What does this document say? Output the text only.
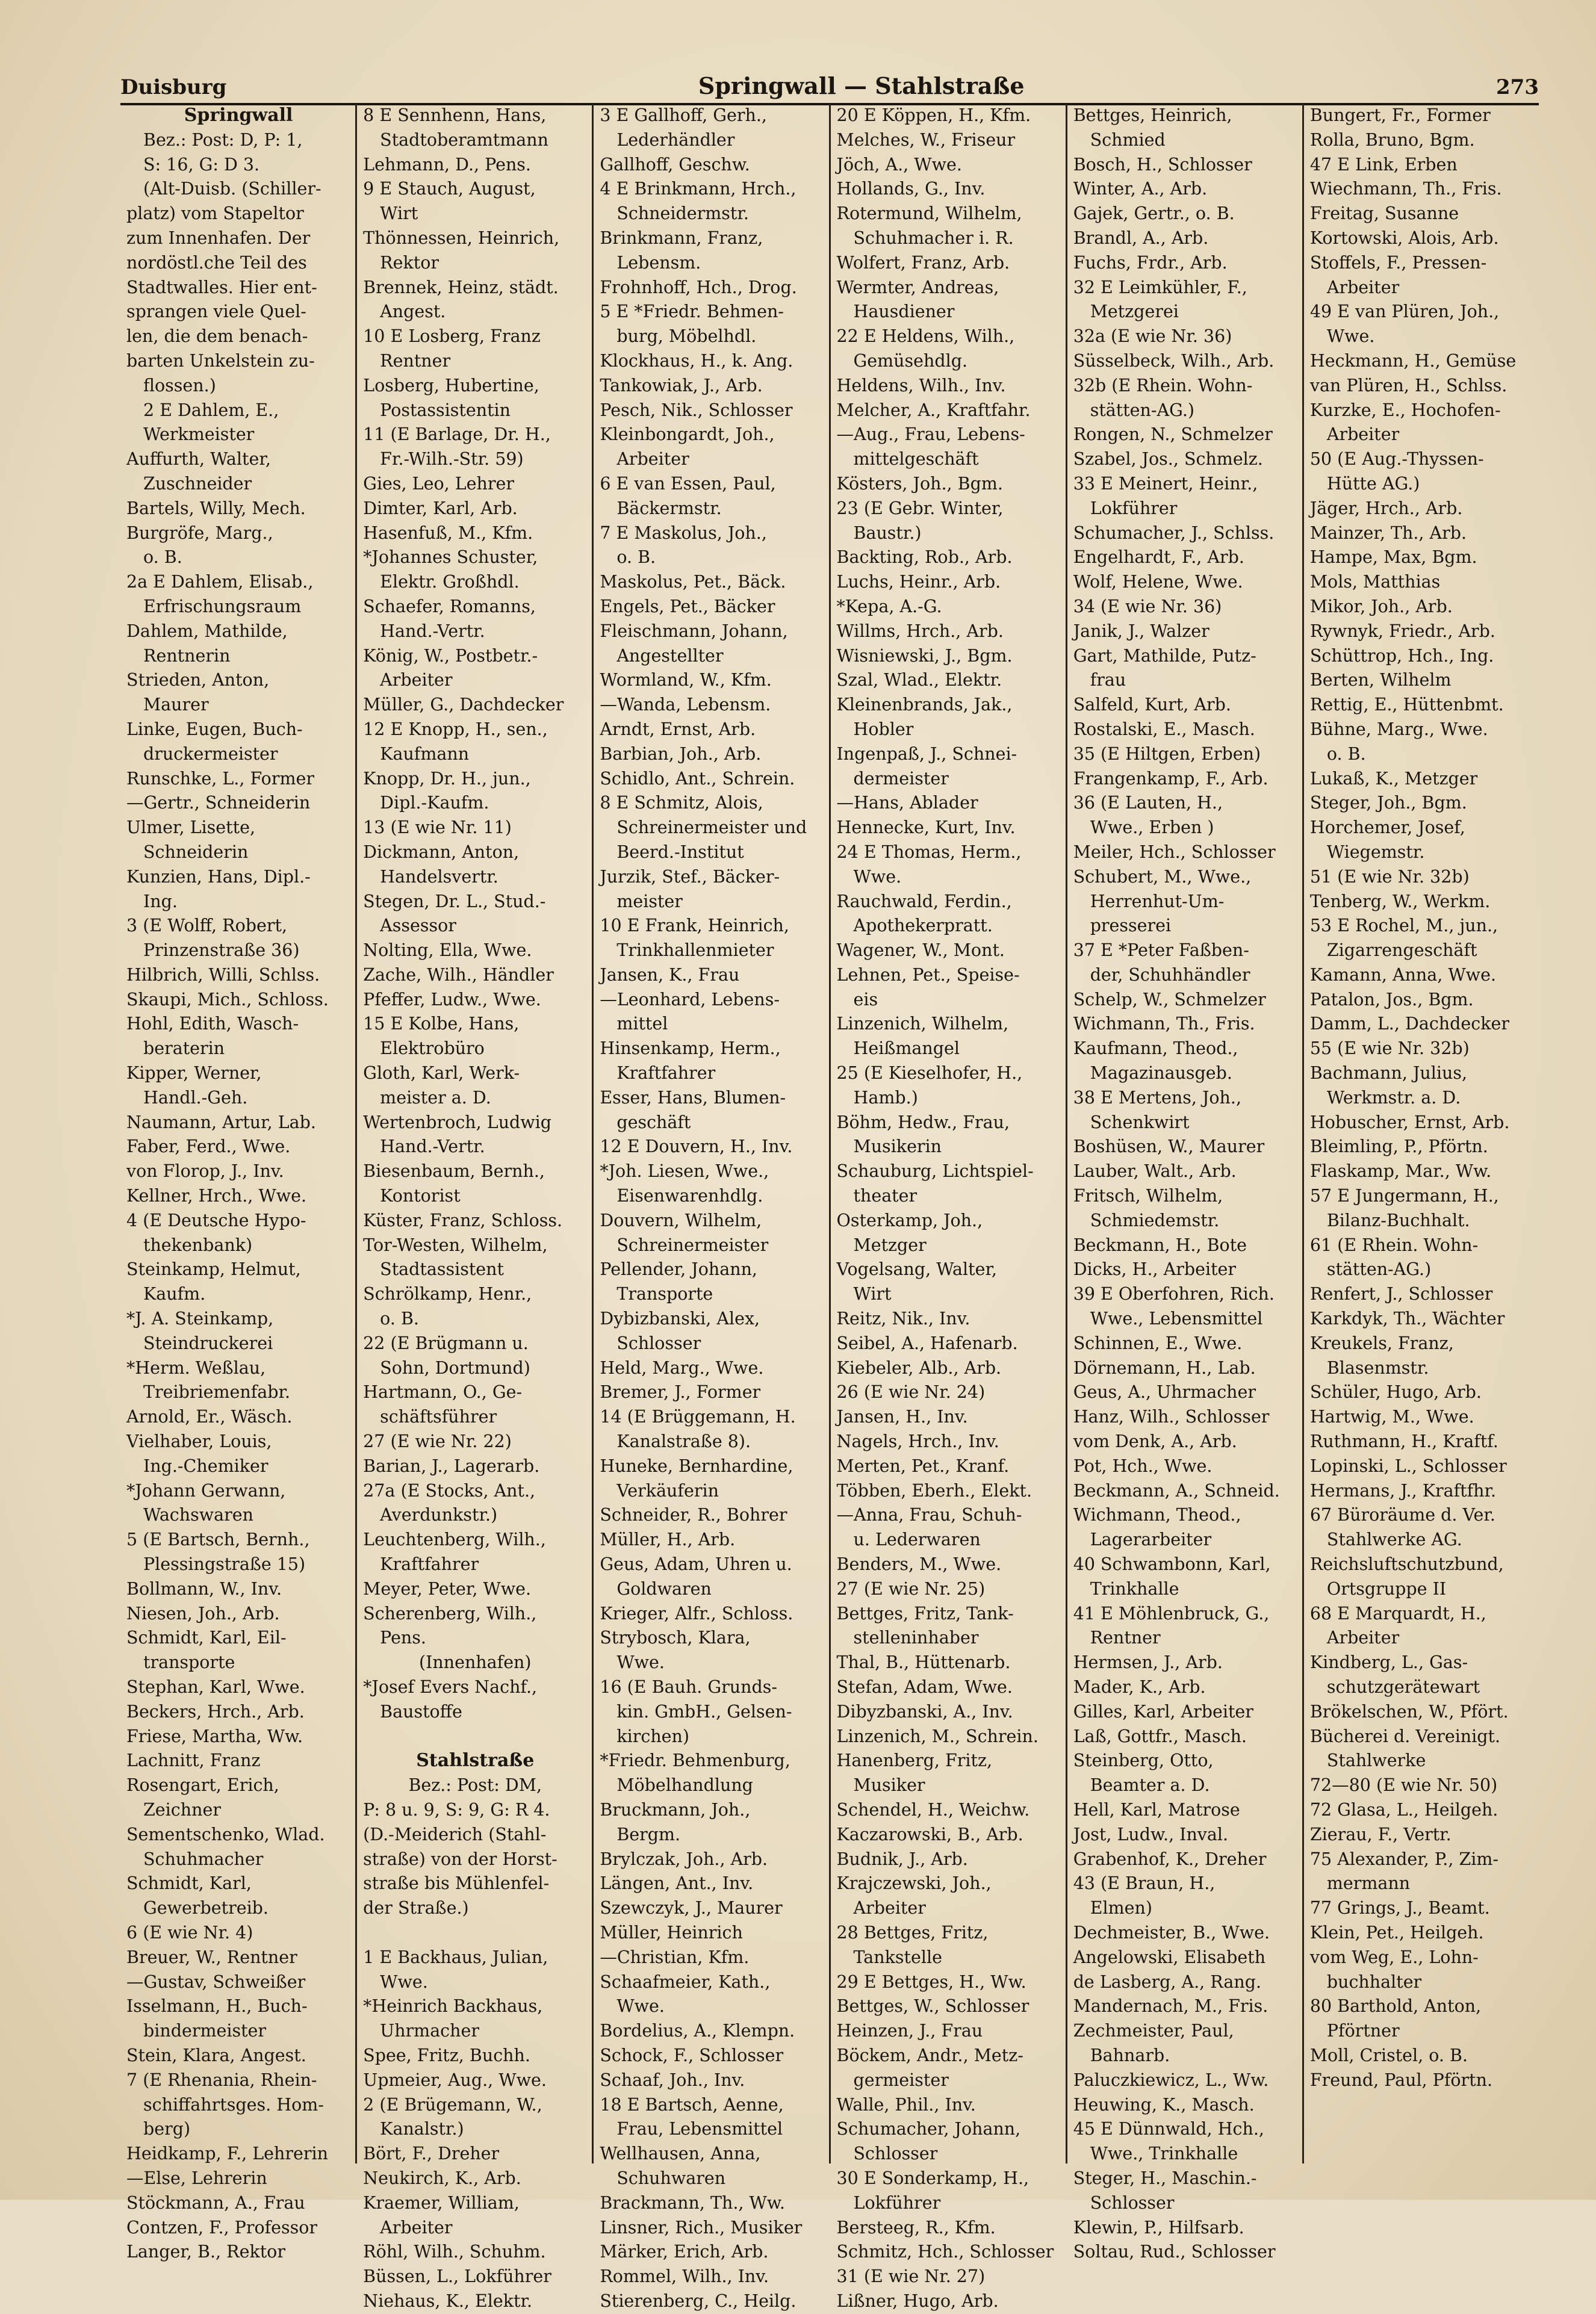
Duisburg	Springwall — Stahlstraße	273
Springwall
Bez.: Post: D, P: 1,
S: 16, G: D 3.
(Alt-Duisb. (Schiller-
platz) vom Stapeltor
zum Innenhafen. Der
nordöstl.che Teil des
Stadtwalles. Hier ent-
sprangen viele Quel-
len, die dem benach-
barten Unkelstein zu-
flossen.)
2 E Dahlem, E.,
Werkmeister
Auffurth, Walter,
Zuschneider
Bartels, Willy, Mech.
Burgröfe, Marg.,
o. B.
2a E Dahlem, Elisab.,
Erfrischungsraum
Dahlem, Mathilde,
Rentnerin
Strieden, Anton,
Maurer
Linke, Eugen, Buch-
druckermeister
Runschke, L., Former
—Gertr., Schneiderin
Ulmer, Lisette,
Schneiderin
Kunzien, Hans, Dipl.-
Ing.
3 (E Wolff, Robert,
Prinzenstraße 36)
Hilbrich, Willi, Schlss.
Skaupi, Mich., Schloss.
Hohl, Edith, Wasch-
beraterin
Kipper, Werner,
Handl.-Geh.
Naumann, Artur, Lab.
Faber, Ferd., Wwe.
von Florop, J., Inv.
Kellner, Hrch., Wwe.
4 (E Deutsche Hypo-
thekenbank)
Steinkamp, Helmut,
Kaufm.
*J. A. Steinkamp,
Steindruckerei
*Herm. Weßlau,
Treibriemenfabr.
Arnold, Er., Wäsch.
Vielhaber, Louis,
Ing.-Chemiker
*Johann Gerwann,
Wachswaren
5 (E Bartsch, Bernh.,
Plessingstraße 15)
Bollmann, W., Inv.
Niesen, Joh., Arb.
Schmidt, Karl, Eil-
transporte
Stephan, Karl, Wwe.
Beckers, Hrch., Arb.
Friese, Martha, Ww.
Lachnitt, Franz
Rosengart, Erich,
Zeichner
Sementschenko, Wlad.
Schuhmacher
Schmidt, Karl,
Gewerbetreib.
6 (E wie Nr. 4)
Breuer, W., Rentner
—Gustav, Schweißer
Isselmann, H., Buch-
bindermeister
Stein, Klara, Angest.
7 (E Rhenania, Rhein-
schiffahrtsges. Hom-
berg)
Heidkamp, F., Lehrerin
—Else, Lehrerin
Stöckmann, A., Frau
Contzen, F., Professor
Langer, B., Rektor
8 E Sennhenn, Hans,
Stadtoberamtmann
Lehmann, D., Pens.
9 E Stauch, August,
Wirt
Thönnessen, Heinrich,
Rektor
Brennek, Heinz, städt.
Angest.
10 E Losberg, Franz
Rentner
Losberg, Hubertine,
Postassistentin
11 (E Barlage, Dr. H.,
Fr.-Wilh.-Str. 59)
Gies, Leo, Lehrer
Dimter, Karl, Arb.
Hasenfuß, M., Kfm.
*Johannes Schuster,
Elektr. Großhdl.
Schaefer, Romanns,
Hand.-Vertr.
König, W., Postbetr.-
Arbeiter
Müller, G., Dachdecker
12 E Knopp, H., sen.,
Kaufmann
Knopp, Dr. H., jun.,
Dipl.-Kaufm.
13 (E wie Nr. 11)
Dickmann, Anton,
Handelsvertr.
Stegen, Dr. L., Stud.-
Assessor
Nolting, Ella, Wwe.
Zache, Wilh., Händler
Pfeffer, Ludw., Wwe.
15 E Kolbe, Hans,
Elektrobüro
Gloth, Karl, Werk-
meister a. D.
Wertenbroch, Ludwig
Hand.-Vertr.
Biesenbaum, Bernh.,
Kontorist
Küster, Franz, Schloss.
Tor-Westen, Wilhelm,
Stadtassistent
Schrölkamp, Henr.,
o. B.
22 (E Brügmann u.
Sohn, Dortmund)
Hartmann, O., Ge-
schäftsführer
27 (E wie Nr. 22)
Barian, J., Lagerarb.
27a (E Stocks, Ant.,
Averdunkstr.)
Leuchtenberg, Wilh.,
Kraftfahrer
Meyer, Peter, Wwe.
Scherenberg, Wilh.,
Pens.
(Innenhafen)
*Josef Evers Nachf.,
Baustoffe

Stahlstraße
Bez.: Post: DM,
P: 8 u. 9, S: 9, G: R 4.
(D.-Meiderich (Stahl-
straße) von der Horst-
straße bis Mühlenfel-
der Straße.)

1 E Backhaus, Julian,
Wwe.
*Heinrich Backhaus,
Uhrmacher
Spee, Fritz, Buchh.
Upmeier, Aug., Wwe.
2 (E Brügemann, W.,
Kanalstr.)
Bört, F., Dreher
Neukirch, K., Arb.
Kraemer, William,
Arbeiter
Röhl, Wilh., Schuhm.
Büssen, L., Lokführer
Niehaus, K., Elektr.
3 E Gallhoff, Gerh.,
Lederhändler
Gallhoff, Geschw.
4 E Brinkmann, Hrch.,
Schneidermstr.
Brinkmann, Franz,
Lebensm.
Frohnhoff, Hch., Drog.
5 E *Friedr. Behmen-
burg, Möbelhdl.
Klockhaus, H., k. Ang.
Tankowiak, J., Arb.
Pesch, Nik., Schlosser
Kleinbongardt, Joh.,
Arbeiter
6 E van Essen, Paul,
Bäckermstr.
7 E Maskolus, Joh.,
o. B.
Maskolus, Pet., Bäck.
Engels, Pet., Bäcker
Fleischmann, Johann,
Angestellter
Wormland, W., Kfm.
—Wanda, Lebensm.
Arndt, Ernst, Arb.
Barbian, Joh., Arb.
Schidlo, Ant., Schrein.
8 E Schmitz, Alois,
Schreinermeister und
Beerd.-Institut
Jurzik, Stef., Bäcker-
meister
10 E Frank, Heinrich,
Trinkhallenmieter
Jansen, K., Frau
—Leonhard, Lebens-
mittel
Hinsenkamp, Herm.,
Kraftfahrer
Esser, Hans, Blumen-
geschäft
12 E Douvern, H., Inv.
*Joh. Liesen, Wwe.,
Eisenwarenhdlg.
Douvern, Wilhelm,
Schreinermeister
Pellender, Johann,
Transporte
Dybizbanski, Alex,
Schlosser
Held, Marg., Wwe.
Bremer, J., Former
14 (E Brüggemann, H.
Kanalstraße 8).
Huneke, Bernhardine,
Verkäuferin
Schneider, R., Bohrer
Müller, H., Arb.
Geus, Adam, Uhren u.
Goldwaren
Krieger, Alfr., Schloss.
Strybosch, Klara,
Wwe.
16 (E Bauh. Grunds-
kin. GmbH., Gelsen-
kirchen)
*Friedr. Behmenburg,
Möbelhandlung
Bruckmann, Joh.,
Bergm.
Brylczak, Joh., Arb.
Längen, Ant., Inv.
Szewczyk, J., Maurer
Müller, Heinrich
—Christian, Kfm.
Schaafmeier, Kath.,
Wwe.
Bordelius, A., Klempn.
Schock, F., Schlosser
Schaaf, Joh., Inv.
18 E Bartsch, Aenne,
Frau, Lebensmittel
Wellhausen, Anna,
Schuhwaren
Brackmann, Th., Ww.
Linsner, Rich., Musiker
Märker, Erich, Arb.
Rommel, Wilh., Inv.
Stierenberg, C., Heilg.
20 E Köppen, H., Kfm.
Melches, W., Friseur
Jöch, A., Wwe.
Hollands, G., Inv.
Rotermund, Wilhelm,
Schuhmacher i. R.
Wolfert, Franz, Arb.
Wermter, Andreas,
Hausdiener
22 E Heldens, Wilh.,
Gemüsehdlg.
Heldens, Wilh., Inv.
Melcher, A., Kraftfahr.
—Aug., Frau, Lebens-
mittelgeschäft
Kösters, Joh., Bgm.
23 (E Gebr. Winter,
Baustr.)
Backting, Rob., Arb.
Luchs, Heinr., Arb.
*Kepa, A.-G.
Willms, Hrch., Arb.
Wisniewski, J., Bgm.
Szal, Wlad., Elektr.
Kleinenbrands, Jak.,
Hobler
Ingenpaß, J., Schnei-
dermeister
—Hans, Ablader
Hennecke, Kurt, Inv.
24 E Thomas, Herm.,
Wwe.
Rauchwald, Ferdin.,
Apothekerpratt.
Wagener, W., Mont.
Lehnen, Pet., Speise-
eis
Linzenich, Wilhelm,
Heißmangel
25 (E Kieselhofer, H.,
Hamb.)
Böhm, Hedw., Frau,
Musikerin
Schauburg, Lichtspiel-
theater
Osterkamp, Joh.,
Metzger
Vogelsang, Walter,
Wirt
Reitz, Nik., Inv.
Seibel, A., Hafenarb.
Kiebeler, Alb., Arb.
26 (E wie Nr. 24)
Jansen, H., Inv.
Nagels, Hrch., Inv.
Merten, Pet., Kranf.
Többen, Eberh., Elekt.
—Anna, Frau, Schuh-
u. Lederwaren
Benders, M., Wwe.
27 (E wie Nr. 25)
Bettges, Fritz, Tank-
stelleninhaber
Thal, B., Hüttenarb.
Stefan, Adam, Wwe.
Dibyzbanski, A., Inv.
Linzenich, M., Schrein.
Hanenberg, Fritz,
Musiker
Schendel, H., Weichw.
Kaczarowski, B., Arb.
Budnik, J., Arb.
Krajczewski, Joh.,
Arbeiter
28 Bettges, Fritz,
Tankstelle
29 E Bettges, H., Ww.
Bettges, W., Schlosser
Heinzen, J., Frau
Böckem, Andr., Metz-
germeister
Walle, Phil., Inv.
Schumacher, Johann,
Schlosser
30 E Sonderkamp, H.,
Lokführer
Bersteeg, R., Kfm.
Schmitz, Hch., Schlosser
31 (E wie Nr. 27)
Lißner, Hugo, Arb.
Bettges, Heinrich,
Schmied
Bosch, H., Schlosser
Winter, A., Arb.
Gajek, Gertr., o. B.
Brandl, A., Arb.
Fuchs, Frdr., Arb.
32 E Leimkühler, F.,
Metzgerei
32a (E wie Nr. 36)
Süsselbeck, Wilh., Arb.
32b (E Rhein. Wohn-
stätten-AG.)
Rongen, N., Schmelzer
Szabel, Jos., Schmelz.
33 E Meinert, Heinr.,
Lokführer
Schumacher, J., Schlss.
Engelhardt, F., Arb.
Wolf, Helene, Wwe.
34 (E wie Nr. 36)
Janik, J., Walzer
Gart, Mathilde, Putz-
frau
Salfeld, Kurt, Arb.
Rostalski, E., Masch.
35 (E Hiltgen, Erben)
Frangenkamp, F., Arb.
36 (E Lauten, H.,
Wwe., Erben )
Meiler, Hch., Schlosser
Schubert, M., Wwe.,
Herrenhut-Um-
presserei
37 E *Peter Faßben-
der, Schuhhändler
Schelp, W., Schmelzer
Wichmann, Th., Fris.
Kaufmann, Theod.,
Magazinausgeb.
38 E Mertens, Joh.,
Schenkwirt
Boshüsen, W., Maurer
Lauber, Walt., Arb.
Fritsch, Wilhelm,
Schmiedemstr.
Beckmann, H., Bote
Dicks, H., Arbeiter
39 E Oberfohren, Rich.
Wwe., Lebensmittel
Schinnen, E., Wwe.
Dörnemann, H., Lab.
Geus, A., Uhrmacher
Hanz, Wilh., Schlosser
vom Denk, A., Arb.
Pot, Hch., Wwe.
Beckmann, A., Schneid.
Wichmann, Theod.,
Lagerarbeiter
40 Schwambonn, Karl,
Trinkhalle
41 E Möhlenbruck, G.,
Rentner
Hermsen, J., Arb.
Mader, K., Arb.
Gilles, Karl, Arbeiter
Laß, Gottfr., Masch.
Steinberg, Otto,
Beamter a. D.
Hell, Karl, Matrose
Jost, Ludw., Inval.
Grabenhof, K., Dreher
43 (E Braun, H.,
Elmen)
Dechmeister, B., Wwe.
Angelowski, Elisabeth
de Lasberg, A., Rang.
Mandernach, M., Fris.
Zechmeister, Paul,
Bahnarb.
Paluczkiewicz, L., Ww.
Heuwing, K., Masch.
45 E Dünnwald, Hch.,
Wwe., Trinkhalle
Steger, H., Maschin.-
Schlosser
Klewin, P., Hilfsarb.
Soltau, Rud., Schlosser
Bungert, Fr., Former
Rolla, Bruno, Bgm.
47 E Link, Erben
Wiechmann, Th., Fris.
Freitag, Susanne
Kortowski, Alois, Arb.
Stoffels, F., Pressen-
Arbeiter
49 E van Plüren, Joh.,
Wwe.
Heckmann, H., Gemüse
van Plüren, H., Schlss.
Kurzke, E., Hochofen-
Arbeiter
50 (E Aug.-Thyssen-
Hütte AG.)
Jäger, Hrch., Arb.
Mainzer, Th., Arb.
Hampe, Max, Bgm.
Mols, Matthias
Mikor, Joh., Arb.
Rywnyk, Friedr., Arb.
Schüttrop, Hch., Ing.
Berten, Wilhelm
Rettig, E., Hüttenbmt.
Bühne, Marg., Wwe.
o. B.
Lukaß, K., Metzger
Steger, Joh., Bgm.
Horchemer, Josef,
Wiegemstr.
51 (E wie Nr. 32b)
Tenberg, W., Werkm.
53 E Rochel, M., jun.,
Zigarrengeschäft
Kamann, Anna, Wwe.
Patalon, Jos., Bgm.
Damm, L., Dachdecker
55 (E wie Nr. 32b)
Bachmann, Julius,
Werkmstr. a. D.
Hobuscher, Ernst, Arb.
Bleimling, P., Pförtn.
Flaskamp, Mar., Ww.
57 E Jungermann, H.,
Bilanz-Buchhalt.
61 (E Rhein. Wohn-
stätten-AG.)
Renfert, J., Schlosser
Karkdyk, Th., Wächter
Kreukels, Franz,
Blasenmstr.
Schüler, Hugo, Arb.
Hartwig, M., Wwe.
Ruthmann, H., Kraftf.
Lopinski, L., Schlosser
Hermans, J., Kraftfhr.
67 Büroräume d. Ver.
Stahlwerke AG.
Reichsluftschutzbund,
Ortsgruppe II
68 E Marquardt, H.,
Arbeiter
Kindberg, L., Gas-
schutzgerätewart
Brökelschen, W., Pfört.
Bücherei d. Vereinigt.
Stahlwerke
72—80 (E wie Nr. 50)
72 Glasa, L., Heilgeh.
Zierau, F., Vertr.
75 Alexander, P., Zim-
mermann
77 Grings, J., Beamt.
Klein, Pet., Heilgeh.
vom Weg, E., Lohn-
buchhalter
80 Barthold, Anton,
Pförtner
Moll, Cristel, o. B.
Freund, Paul, Pförtn.
